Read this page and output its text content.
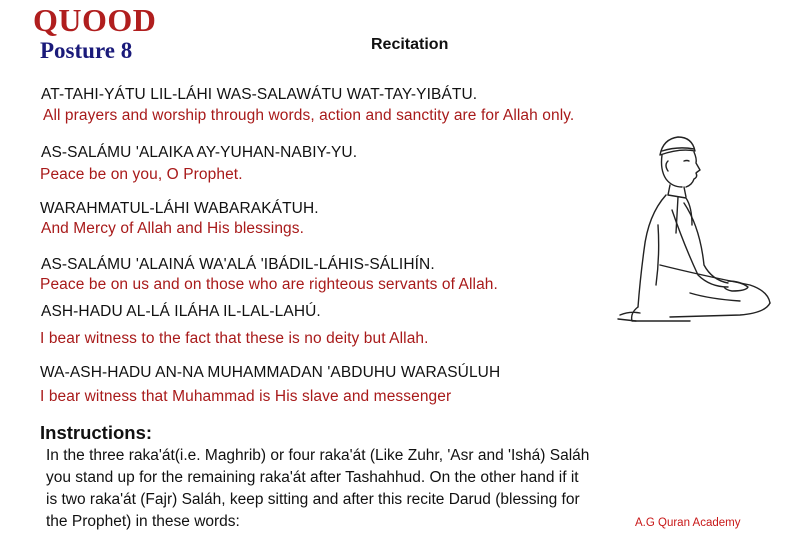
QUOOD
Posture 8	Recitation
AT-TAHI-YÁTU LIL-LÁHI WAS-SALAWÁTU WAT-TAY-YIBÁTU.
All prayers and worship through words, action and sanctity are for Allah only.
AS-SALÁMU 'ALAIKA AY-YUHAN-NABIY-YU.
Peace be on you, O Prophet.
WARAHMATUL-LÁHI WABARAKÁTUH.
And Mercy of Allah and His blessings.
AS-SALÁMU 'ALAINÁ WA'ALÁ 'IBÁDIL-LÁHIS-SÁLIHÍN.
Peace be on us and on those who are righteous servants of Allah.
ASH-HADU AL-LÁ ILÁHA IL-LAL-LAHÚ.
I bear witness to the fact that these is no deity but Allah.
WA-ASH-HADU AN-NA MUHAMMADAN 'ABDUHU WARASÚLUH
I bear witness that Muhammad is His slave and messenger
Instructions:
In the three raka'át(i.e. Maghrib) or four raka'át (Like Zuhr, 'Asr and 'Ishá) Saláh
you stand up for the remaining raka'át after Tashahhud. On the other hand if it
is two raka'át (Fajr) Saláh, keep sitting and after this recite Darud (blessing for
the Prophet) in these words:	A.G Quran Academy
